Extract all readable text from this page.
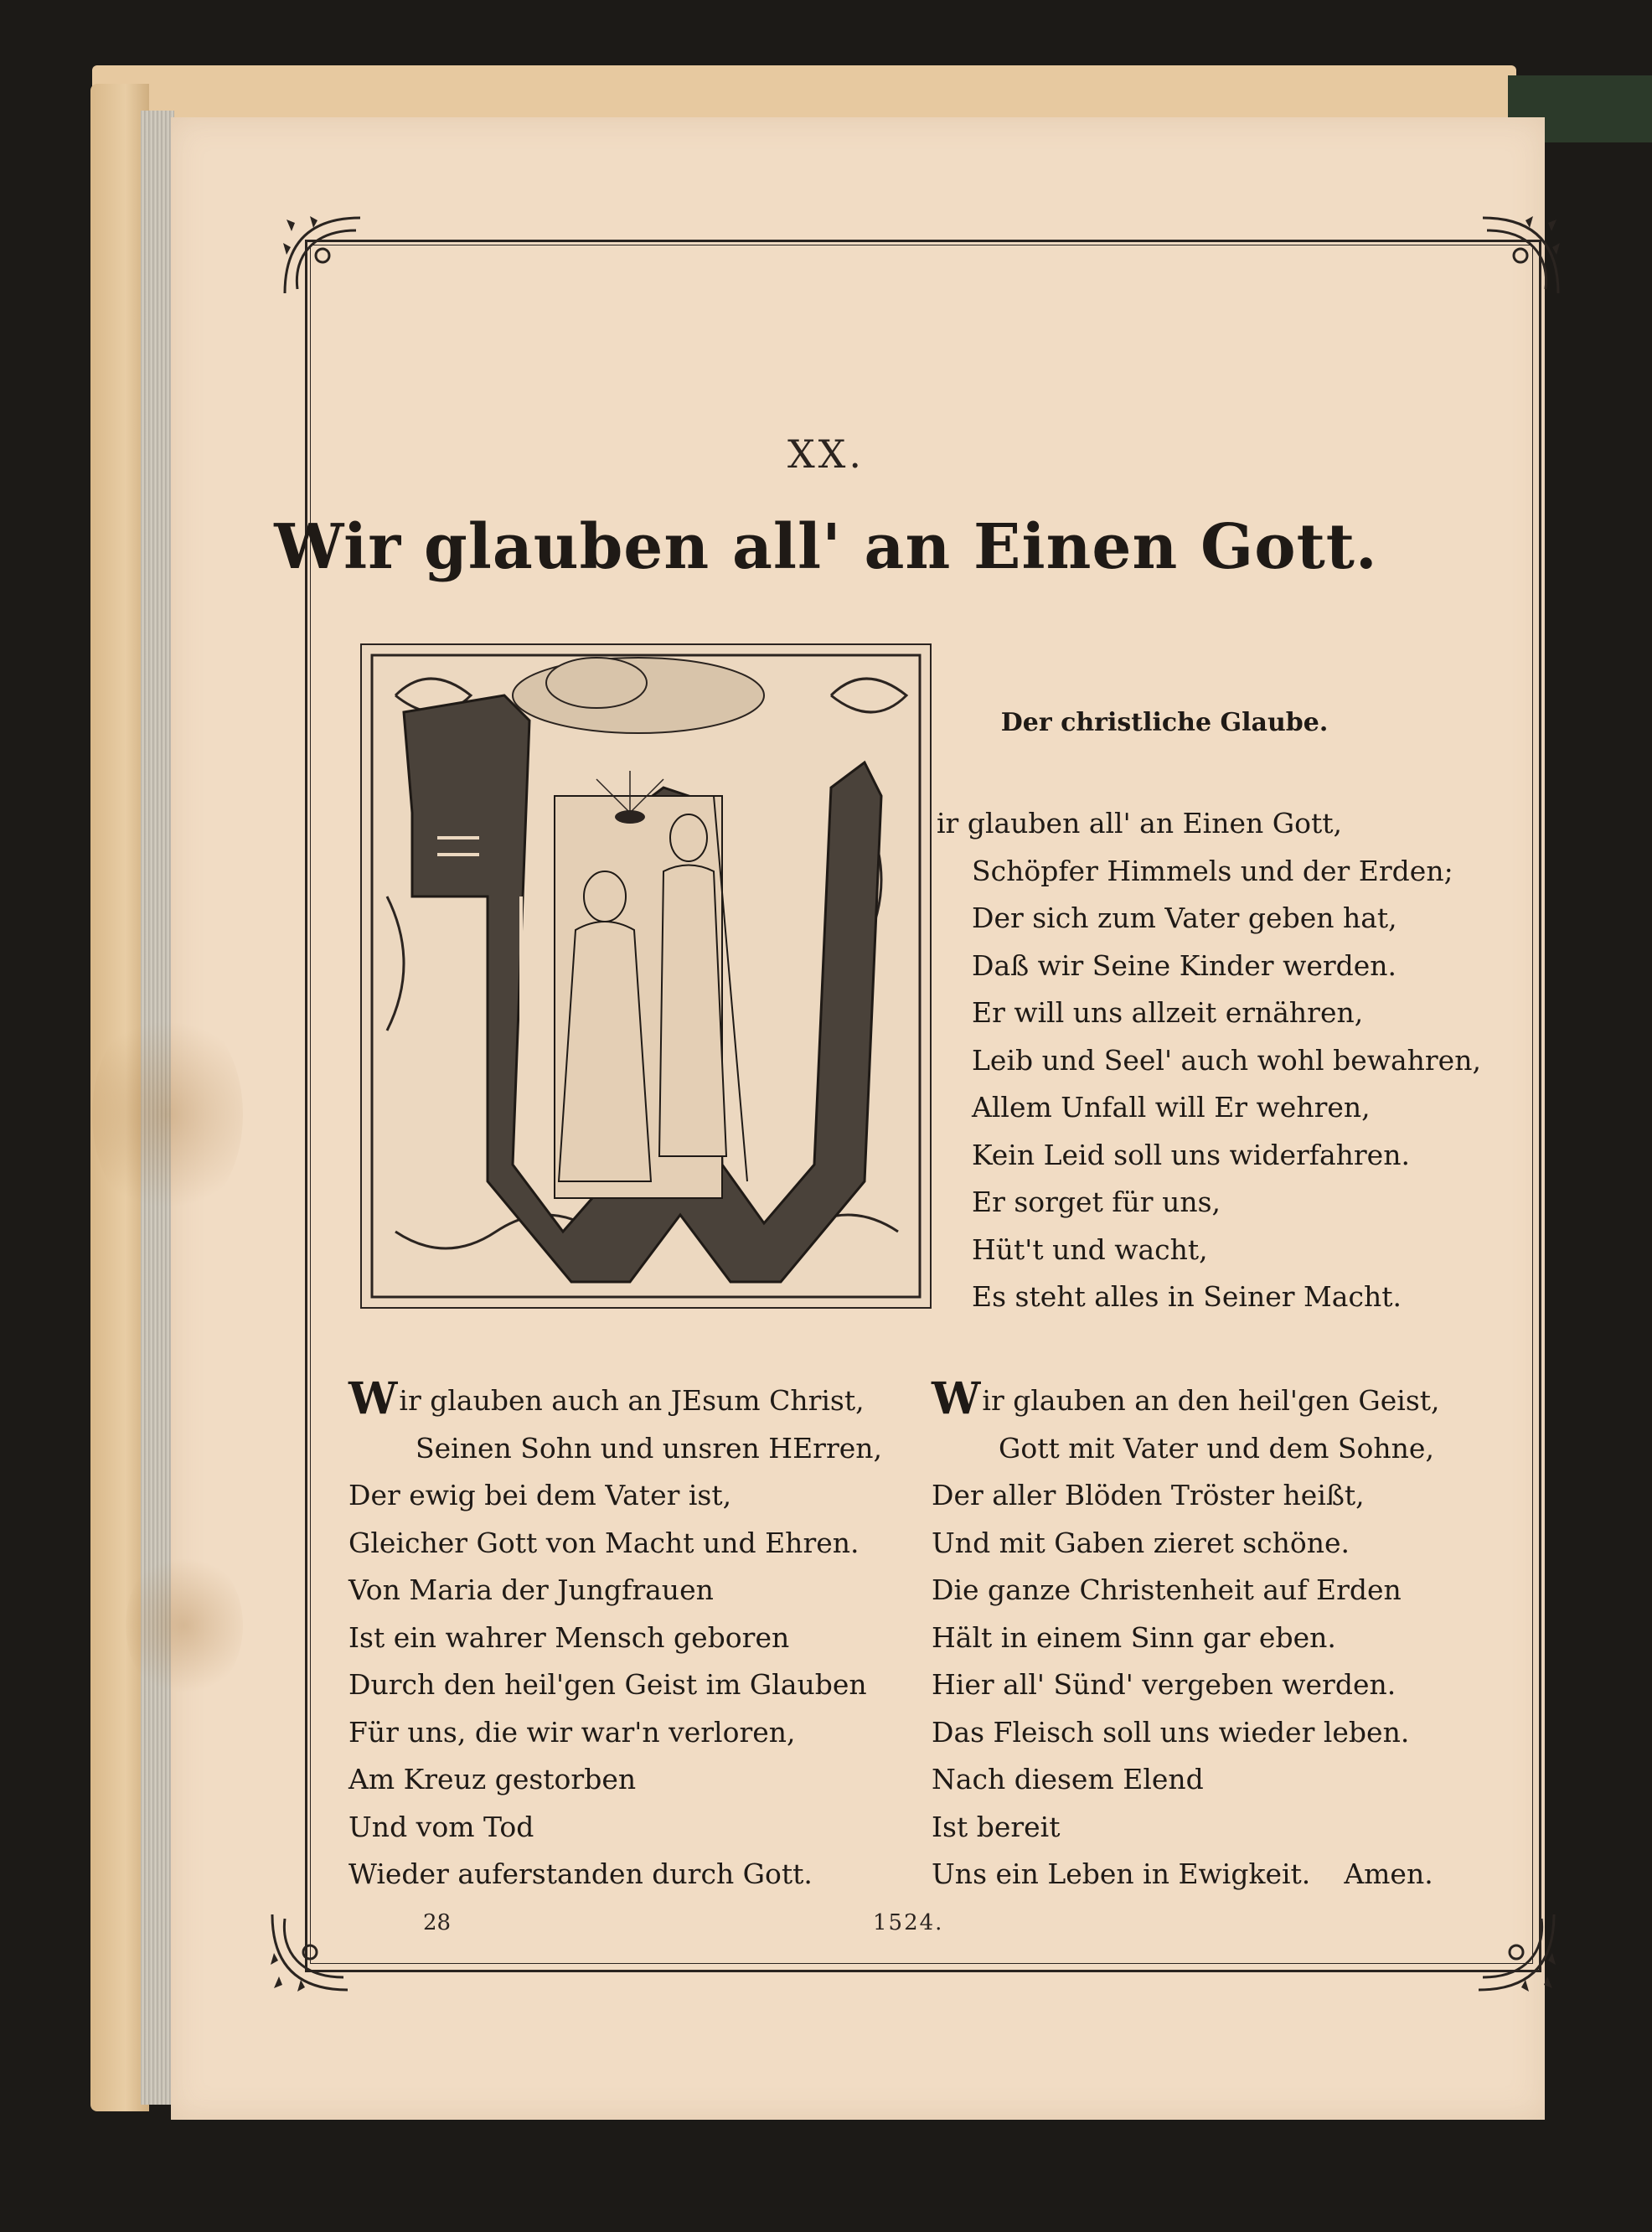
XX.
Wir glauben all' an Einen Gott.
Der christliche Glaube.
ir glauben all' an Einen Gott,
Schöpfer Himmels und der Erden;
Der sich zum Vater geben hat,
Daß wir Seine Kinder werden.
Er will uns allzeit ernähren,
Leib und Seel' auch wohl bewahren,
Allem Unfall will Er wehren,
Kein Leid soll uns widerfahren.
Er sorget für uns,
Hüt't und wacht,
Es steht alles in Seiner Macht.
Wir glauben auch an JEsum Christ,
Seinen Sohn und unsren HErren,
Der ewig bei dem Vater ist,
Gleicher Gott von Macht und Ehren.
Von Maria der Jungfrauen
Ist ein wahrer Mensch geboren
Durch den heil'gen Geist im Glauben
Für uns, die wir war'n verloren,
Am Kreuz gestorben
Und vom Tod
Wieder auferstanden durch Gott.
Wir glauben an den heil'gen Geist,
Gott mit Vater und dem Sohne,
Der aller Blöden Tröster heißt,
Und mit Gaben zieret schöne.
Die ganze Christenheit auf Erden
Hält in einem Sinn gar eben.
Hier all' Sünd' vergeben werden.
Das Fleisch soll uns wieder leben.
Nach diesem Elend
Ist bereit
Uns ein Leben in Ewigkeit. Amen.
28	1524.
